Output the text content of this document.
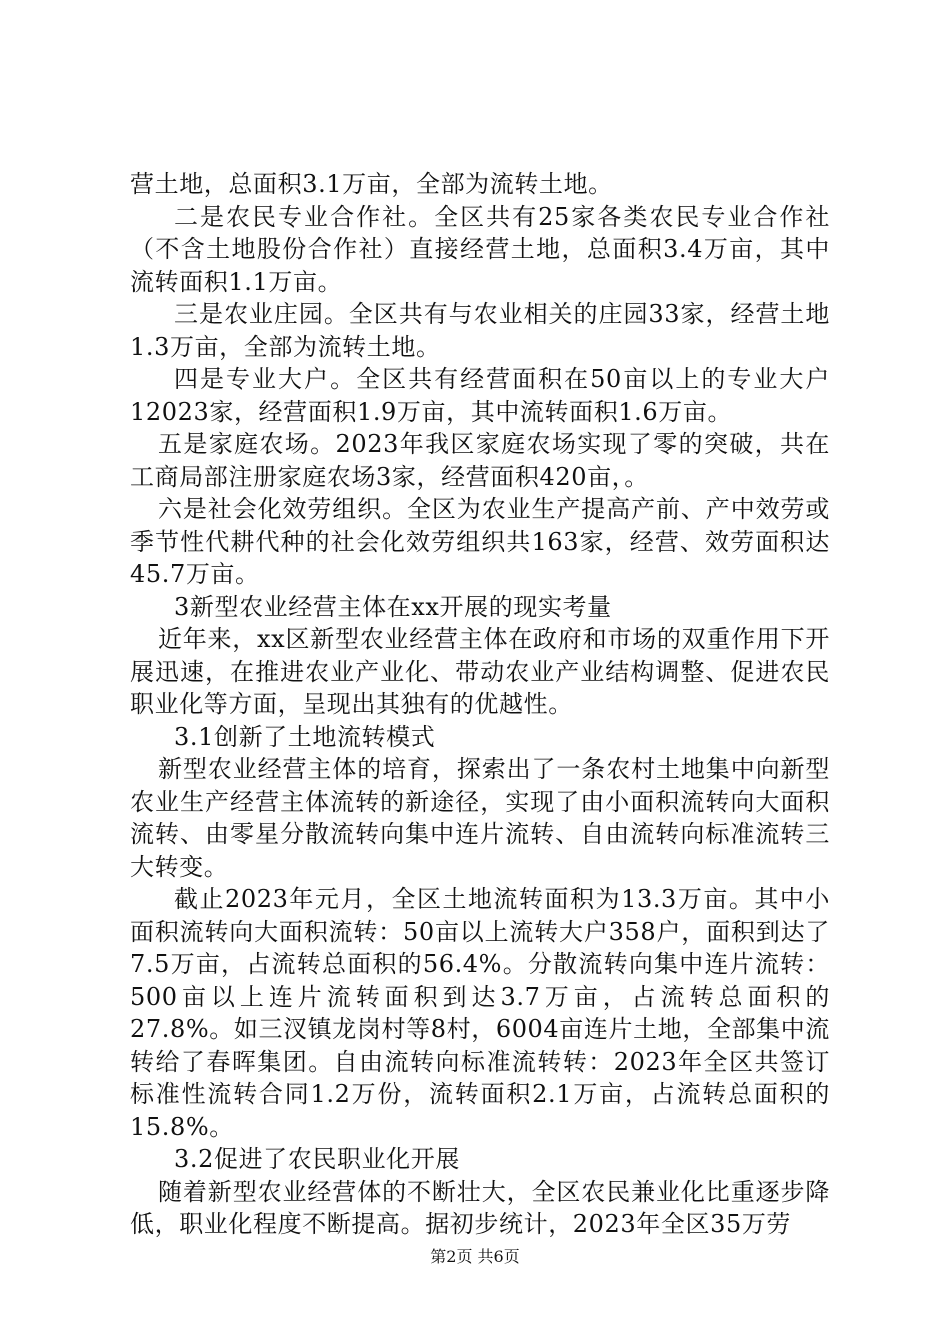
营土地，总面积3.1万亩，全部为流转土地。

二是农民专业合作社。全区共有25家各类农民专业合作社（不含土地股份合作社）直接经营土地，总面积3.4万亩，其中流转面积1.1万亩。

三是农业庄园。全区共有与农业相关的庄园33家，经营土地1.3万亩，全部为流转土地。

四是专业大户。全区共有经营面积在50亩以上的专业大户12023家，经营面积1.9万亩，其中流转面积1.6万亩。

五是家庭农场。2023年我区家庭农场实现了零的突破，共在工商局部注册家庭农场3家，经营面积420亩，。

六是社会化效劳组织。全区为农业生产提高产前、产中效劳或季节性代耕代种的社会化效劳组织共163家，经营、效劳面积达45.7万亩。

3新型农业经营主体在xx开展的现实考量

近年来，xx区新型农业经营主体在政府和市场的双重作用下开展迅速，在推进农业产业化、带动农业产业结构调整、促进农民职业化等方面，呈现出其独有的优越性。

3.1创新了土地流转模式

新型农业经营主体的培育，探索出了一条农村土地集中向新型农业生产经营主体流转的新途径，实现了由小面积流转向大面积流转、由零星分散流转向集中连片流转、自由流转向标准流转三大转变。

截止2023年元月，全区土地流转面积为13.3万亩。其中小面积流转向大面积流转：50亩以上流转大户358户，面积到达了7.5万亩，占流转总面积的56.4%。分散流转向集中连片流转：500亩以上连片流转面积到达3.7万亩，占流转总面积的27.8%。如三汊镇龙岗村等8村，6004亩连片土地，全部集中流转给了春晖集团。自由流转向标准流转转：2023年全区共签订标准性流转合同1.2万份，流转面积2.1万亩，占流转总面积的15.8%。

3.2促进了农民职业化开展

随着新型农业经营体的不断壮大，全区农民兼业化比重逐步降低，职业化程度不断提高。据初步统计，2023年全区35万劳

第2页 共6页
